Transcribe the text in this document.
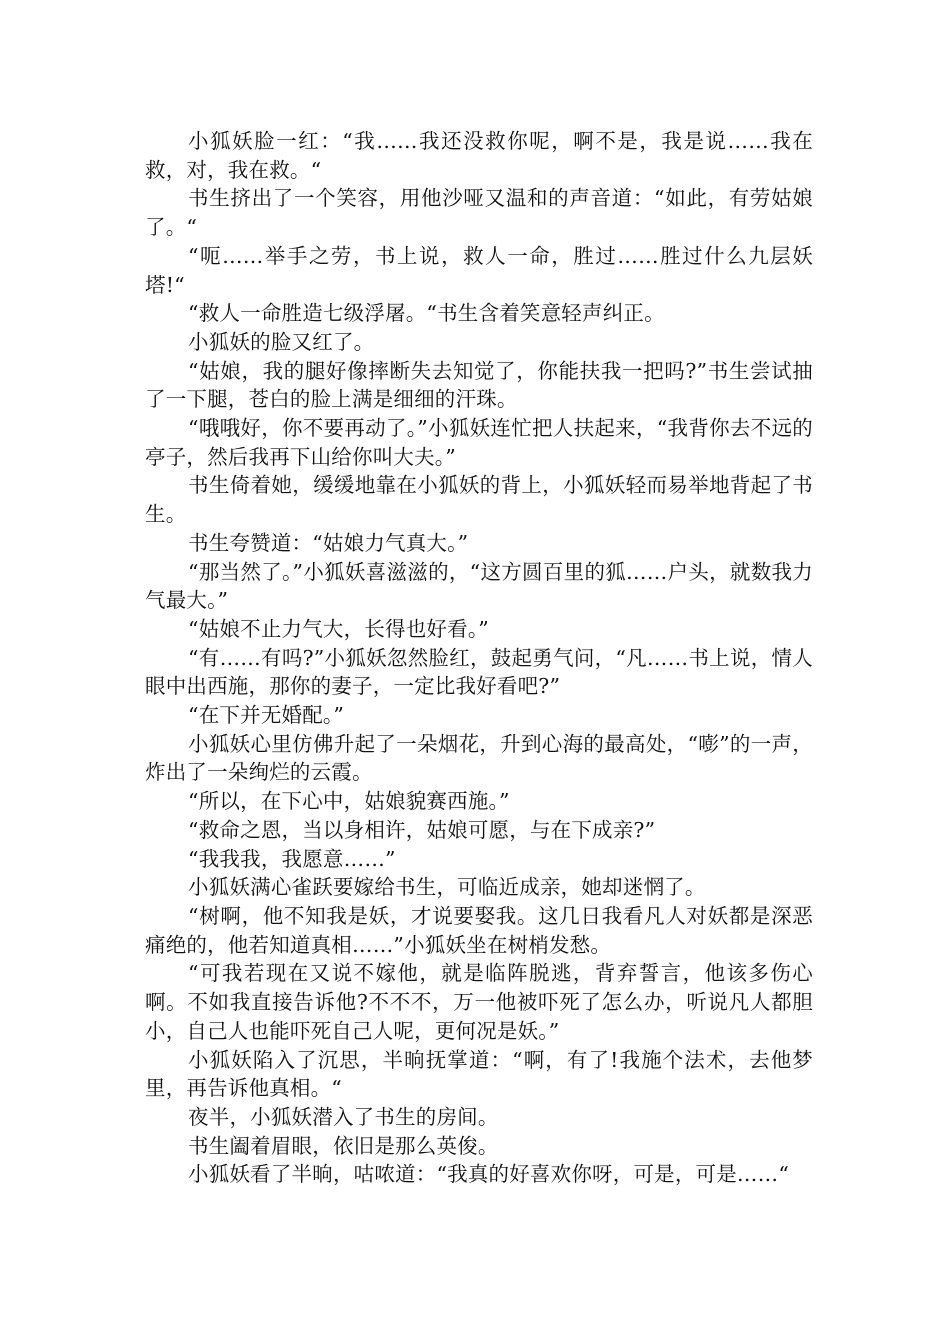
小狐妖脸一红：“我……我还没救你呢，啊不是，我是说……我在救，对，我在救。“

书生挤出了一个笑容，用他沙哑又温和的声音道：“如此，有劳姑娘了。“

“呃……举手之劳，书上说，救人一命，胜过……胜过什么九层妖塔!“

“救人一命胜造七级浮屠。“书生含着笑意轻声纠正。

小狐妖的脸又红了。

“姑娘，我的腿好像摔断失去知觉了，你能扶我一把吗?”书生尝试抽了一下腿，苍白的脸上满是细细的汗珠。

“哦哦好，你不要再动了。”小狐妖连忙把人扶起来，“我背你去不远的亭子，然后我再下山给你叫大夫。”

书生倚着她，缓缓地靠在小狐妖的背上，小狐妖轻而易举地背起了书生。

书生夸赞道：“姑娘力气真大。”

“那当然了。”小狐妖喜滋滋的，“这方圆百里的狐……户头，就数我力气最大。”

“姑娘不止力气大，长得也好看。”

“有……有吗?”小狐妖忽然脸红，鼓起勇气问，“凡……书上说，情人眼中出西施，那你的妻子，一定比我好看吧?”

“在下并无婚配。”

小狐妖心里仿佛升起了一朵烟花，升到心海的最高处，“嘭”的一声，炸出了一朵绚烂的云霞。

“所以，在下心中，姑娘貌赛西施。”

“救命之恩，当以身相许，姑娘可愿，与在下成亲?”

“我我我，我愿意……”

小狐妖满心雀跃要嫁给书生，可临近成亲，她却迷惘了。

“树啊，他不知我是妖，才说要娶我。这几日我看凡人对妖都是深恶痛绝的，他若知道真相……”小狐妖坐在树梢发愁。

“可我若现在又说不嫁他，就是临阵脱逃，背弃誓言，他该多伤心啊。不如我直接告诉他?不不不，万一他被吓死了怎么办，听说凡人都胆小，自己人也能吓死自己人呢，更何况是妖。”

小狐妖陷入了沉思，半晌抚掌道：“啊，有了!我施个法术，去他梦里，再告诉他真相。“

夜半，小狐妖潜入了书生的房间。

书生阖着眉眼，依旧是那么英俊。

小狐妖看了半晌，咕哝道：“我真的好喜欢你呀，可是，可是……“
